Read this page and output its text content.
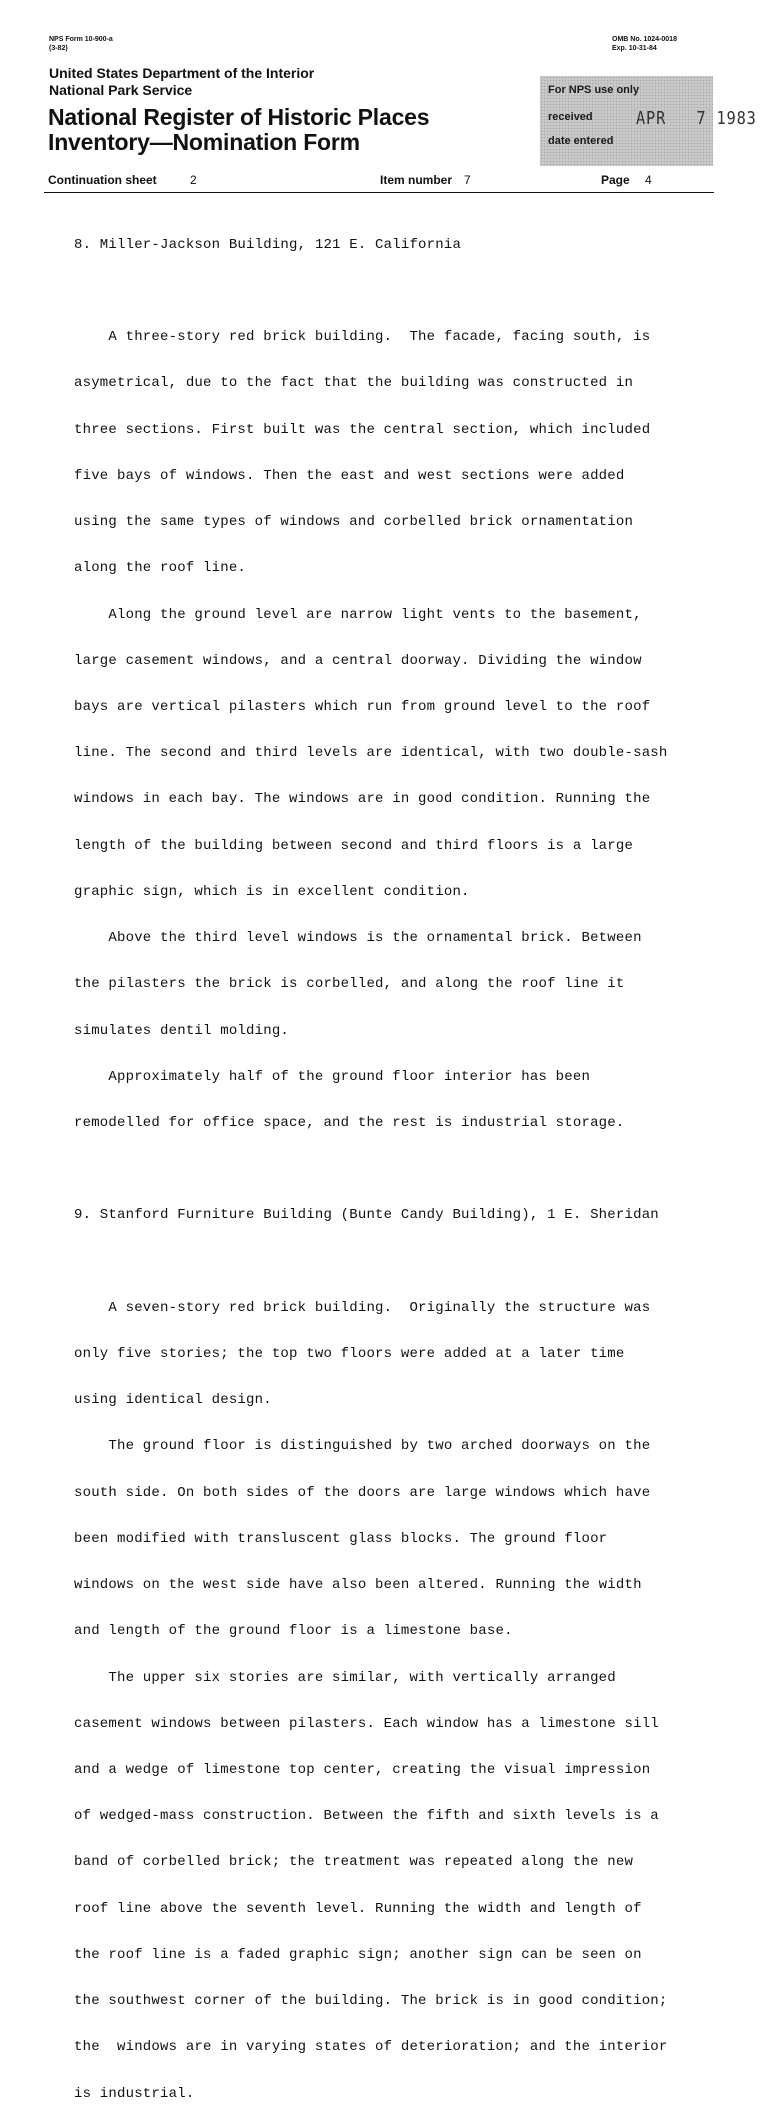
NPS Form 10-900-a
(3-82)
OMB No. 1024-0018
Exp. 10-31-84
United States Department of the Interior
National Park Service
National Register of Historic Places
Inventory—Nomination Form
For NPS use only
received
date entered
APR   7 1983
Continuation sheet	2	Item number 7	Page 4

8. Miller-Jackson Building, 121 E. California

A three-story red brick building.  The facade, facing south, is

asymetrical, due to the fact that the building was constructed in

three sections. First built was the central section, which included

five bays of windows. Then the east and west sections were added

using the same types of windows and corbelled brick ornamentation

along the roof line.

Along the ground level are narrow light vents to the basement,

large casement windows, and a central doorway. Dividing the window

bays are vertical pilasters which run from ground level to the roof

line. The second and third levels are identical, with two double-sash

windows in each bay. The windows are in good condition. Running the

length of the building between second and third floors is a large

graphic sign, which is in excellent condition.

Above the third level windows is the ornamental brick. Between

the pilasters the brick is corbelled, and along the roof line it

simulates dentil molding.

Approximately half of the ground floor interior has been

remodelled for office space, and the rest is industrial storage.

9. Stanford Furniture Building (Bunte Candy Building), 1 E. Sheridan

A seven-story red brick building.  Originally the structure was

only five stories; the top two floors were added at a later time

using identical design.

The ground floor is distinguished by two arched doorways on the

south side. On both sides of the doors are large windows which have

been modified with transluscent glass blocks. The ground floor

windows on the west side have also been altered. Running the width

and length of the ground floor is a limestone base.

The upper six stories are similar, with vertically arranged

casement windows between pilasters. Each window has a limestone sill

and a wedge of limestone top center, creating the visual impression

of wedged-mass construction. Between the fifth and sixth levels is a

band of corbelled brick; the treatment was repeated along the new

roof line above the seventh level. Running the width and length of

the roof line is a faded graphic sign; another sign can be seen on

the southwest corner of the building. The brick is in good condition;

the  windows are in varying states of deterioration; and the interior

is industrial.
